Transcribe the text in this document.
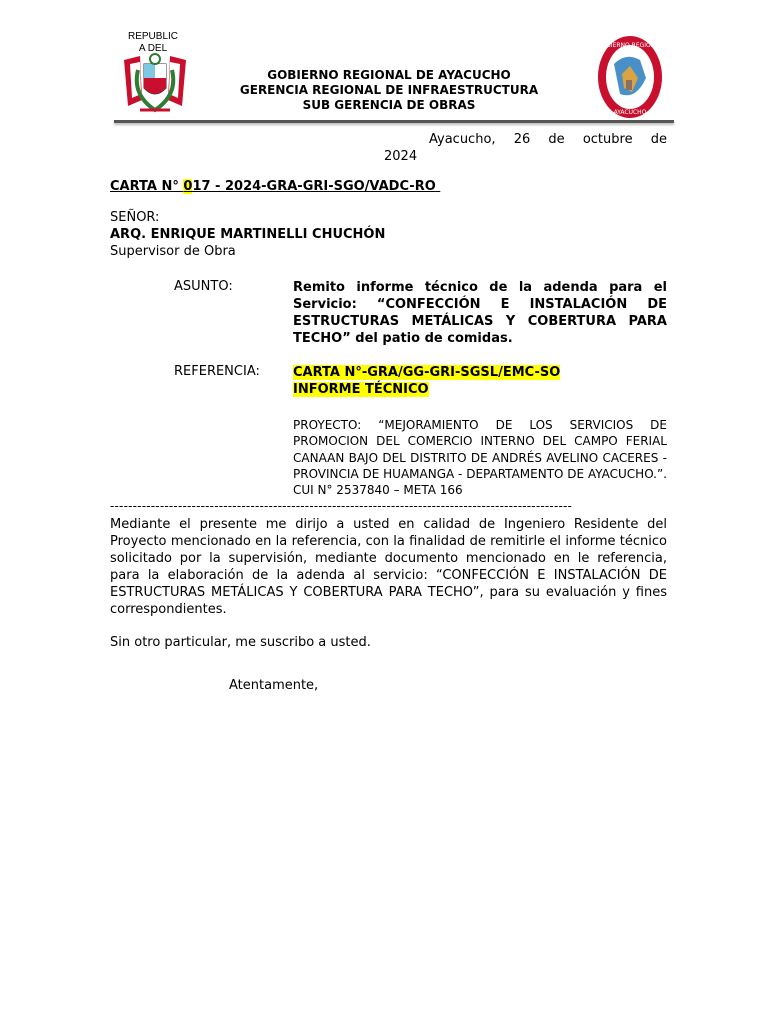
REPUBLIC
A DEL
GOBIERNO REGIONAL DE AYACUCHO
GERENCIA REGIONAL DE INFRAESTRUCTURA
SUB GERENCIA DE OBRAS
GOBIERNO REGIONAL
AYACUCHO
Ayacucho, 26 de octubre de
2024
CARTA N° 017 - 2024-GRA-GRI-SGO/VADC-RO
SEÑOR:
ARQ. ENRIQUE MARTINELLI CHUCHÓN
Supervisor de Obra
ASUNTO:	Remito informe técnico de la adenda para el Servicio: “CONFECCIÓN E INSTALACIÓN DE ESTRUCTURAS METÁLICAS Y COBERTURA PARA TECHO” del patio de comidas.
REFERENCIA:	CARTA N°-GRA/GG-GRI-SGSL/EMC-SO
INFORME TÉCNICO
PROYECTO: “MEJORAMIENTO DE LOS SERVICIOS DE PROMOCION DEL COMERCIO INTERNO DEL CAMPO FERIAL CANAAN BAJO DEL DISTRITO DE ANDRÉS AVELINO CACERES - PROVINCIA DE HUAMANGA - DEPARTAMENTO DE AYACUCHO.”. CUI N° 2537840 – META 166
------------------------------------------------------------------------------------------------------
Mediante el presente me dirijo a usted en calidad de Ingeniero Residente del Proyecto mencionado en la referencia, con la finalidad de remitirle el informe técnico solicitado por la supervisión, mediante documento mencionado en le referencia, para la elaboración de la adenda al servicio: “CONFECCIÓN E INSTALACIÓN DE ESTRUCTURAS METÁLICAS Y COBERTURA PARA TECHO”, para su evaluación y fines correspondientes.
Sin otro particular, me suscribo a usted.
Atentamente,
